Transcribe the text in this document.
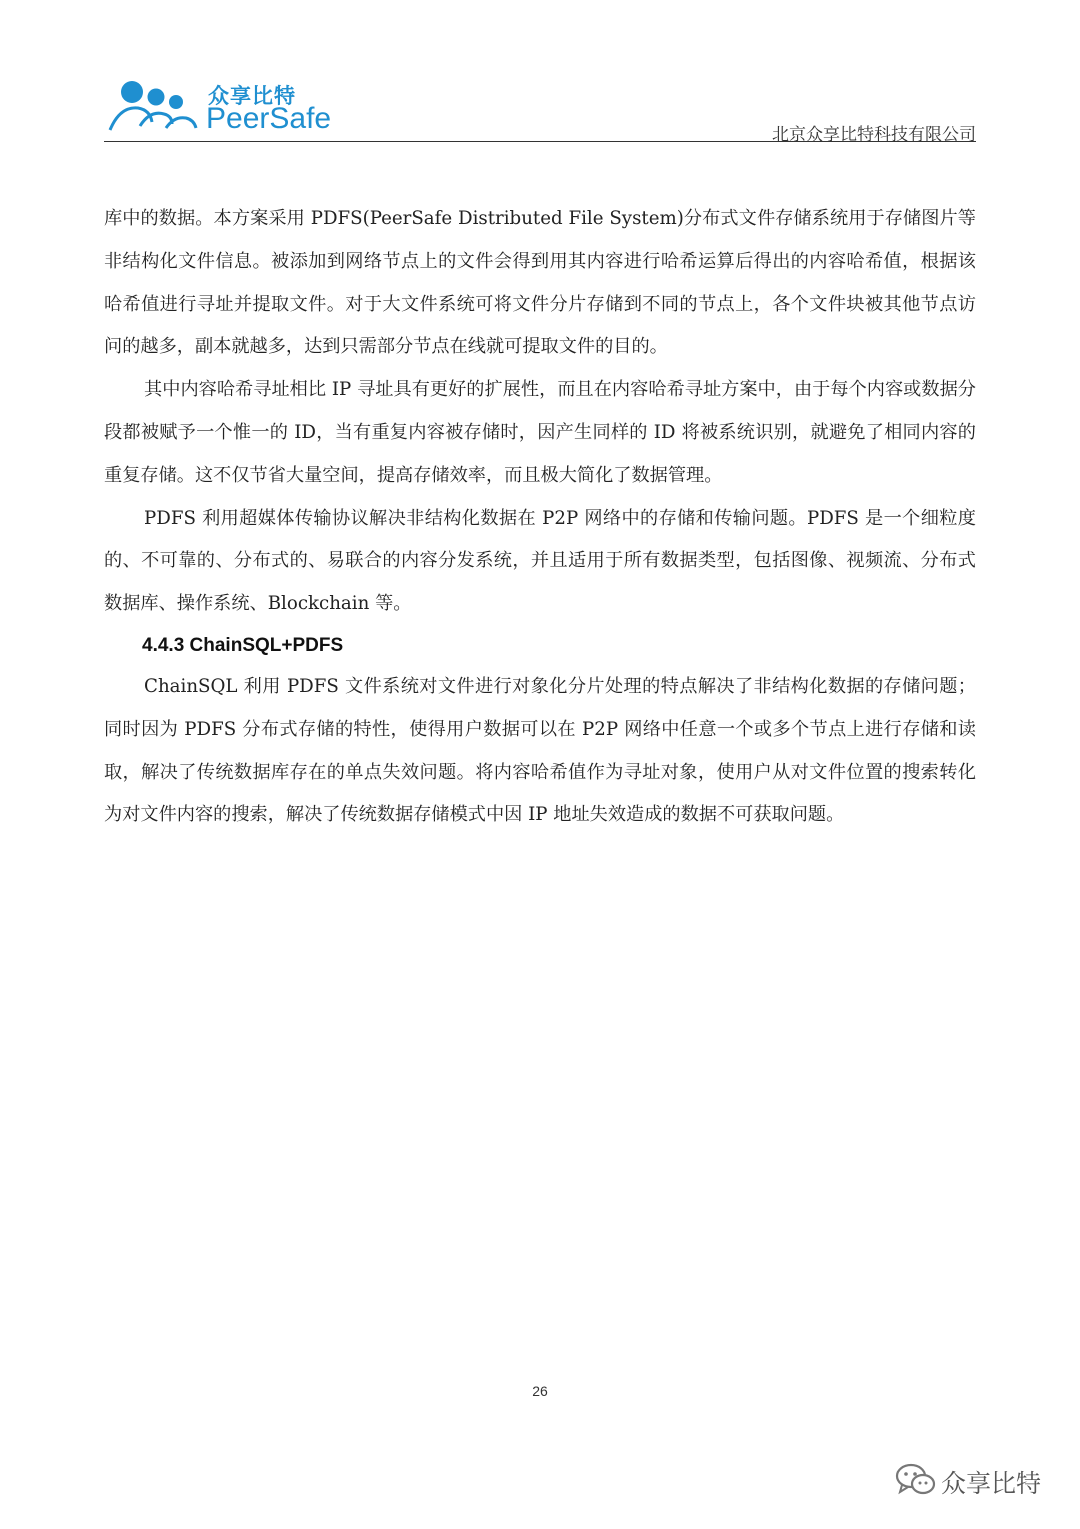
众享比特
PeerSafe	北京众享比特科技有限公司

库中的数据。本方案采用 PDFS(PeerSafe Distributed File System)分布式文件存储系统用于存储图片等非结构化文件信息。被添加到网络节点上的文件会得到用其内容进行哈希运算后得出的内容哈希值，根据该哈希值进行寻址并提取文件。对于大文件系统可将文件分片存储到不同的节点上，各个文件块被其他节点访问的越多，副本就越多，达到只需部分节点在线就可提取文件的目的。

其中内容哈希寻址相比 IP 寻址具有更好的扩展性，而且在内容哈希寻址方案中，由于每个内容或数据分段都被赋予一个惟一的 ID，当有重复内容被存储时，因产生同样的 ID 将被系统识别，就避免了相同内容的重复存储。这不仅节省大量空间，提高存储效率，而且极大简化了数据管理。

PDFS 利用超媒体传输协议解决非结构化数据在 P2P 网络中的存储和传输问题。PDFS 是一个细粒度的、不可靠的、分布式的、易联合的内容分发系统，并且适用于所有数据类型，包括图像、视频流、分布式数据库、操作系统、Blockchain 等。

4.4.3 ChainSQL+PDFS

ChainSQL 利用 PDFS 文件系统对文件进行对象化分片处理的特点解决了非结构化数据的存储问题；同时因为 PDFS 分布式存储的特性，使得用户数据可以在 P2P 网络中任意一个或多个节点上进行存储和读取，解决了传统数据库存在的单点失效问题。将内容哈希值作为寻址对象，使用户从对文件位置的搜索转化为对文件内容的搜索，解决了传统数据存储模式中因 IP 地址失效造成的数据不可获取问题。

26
众享比特
